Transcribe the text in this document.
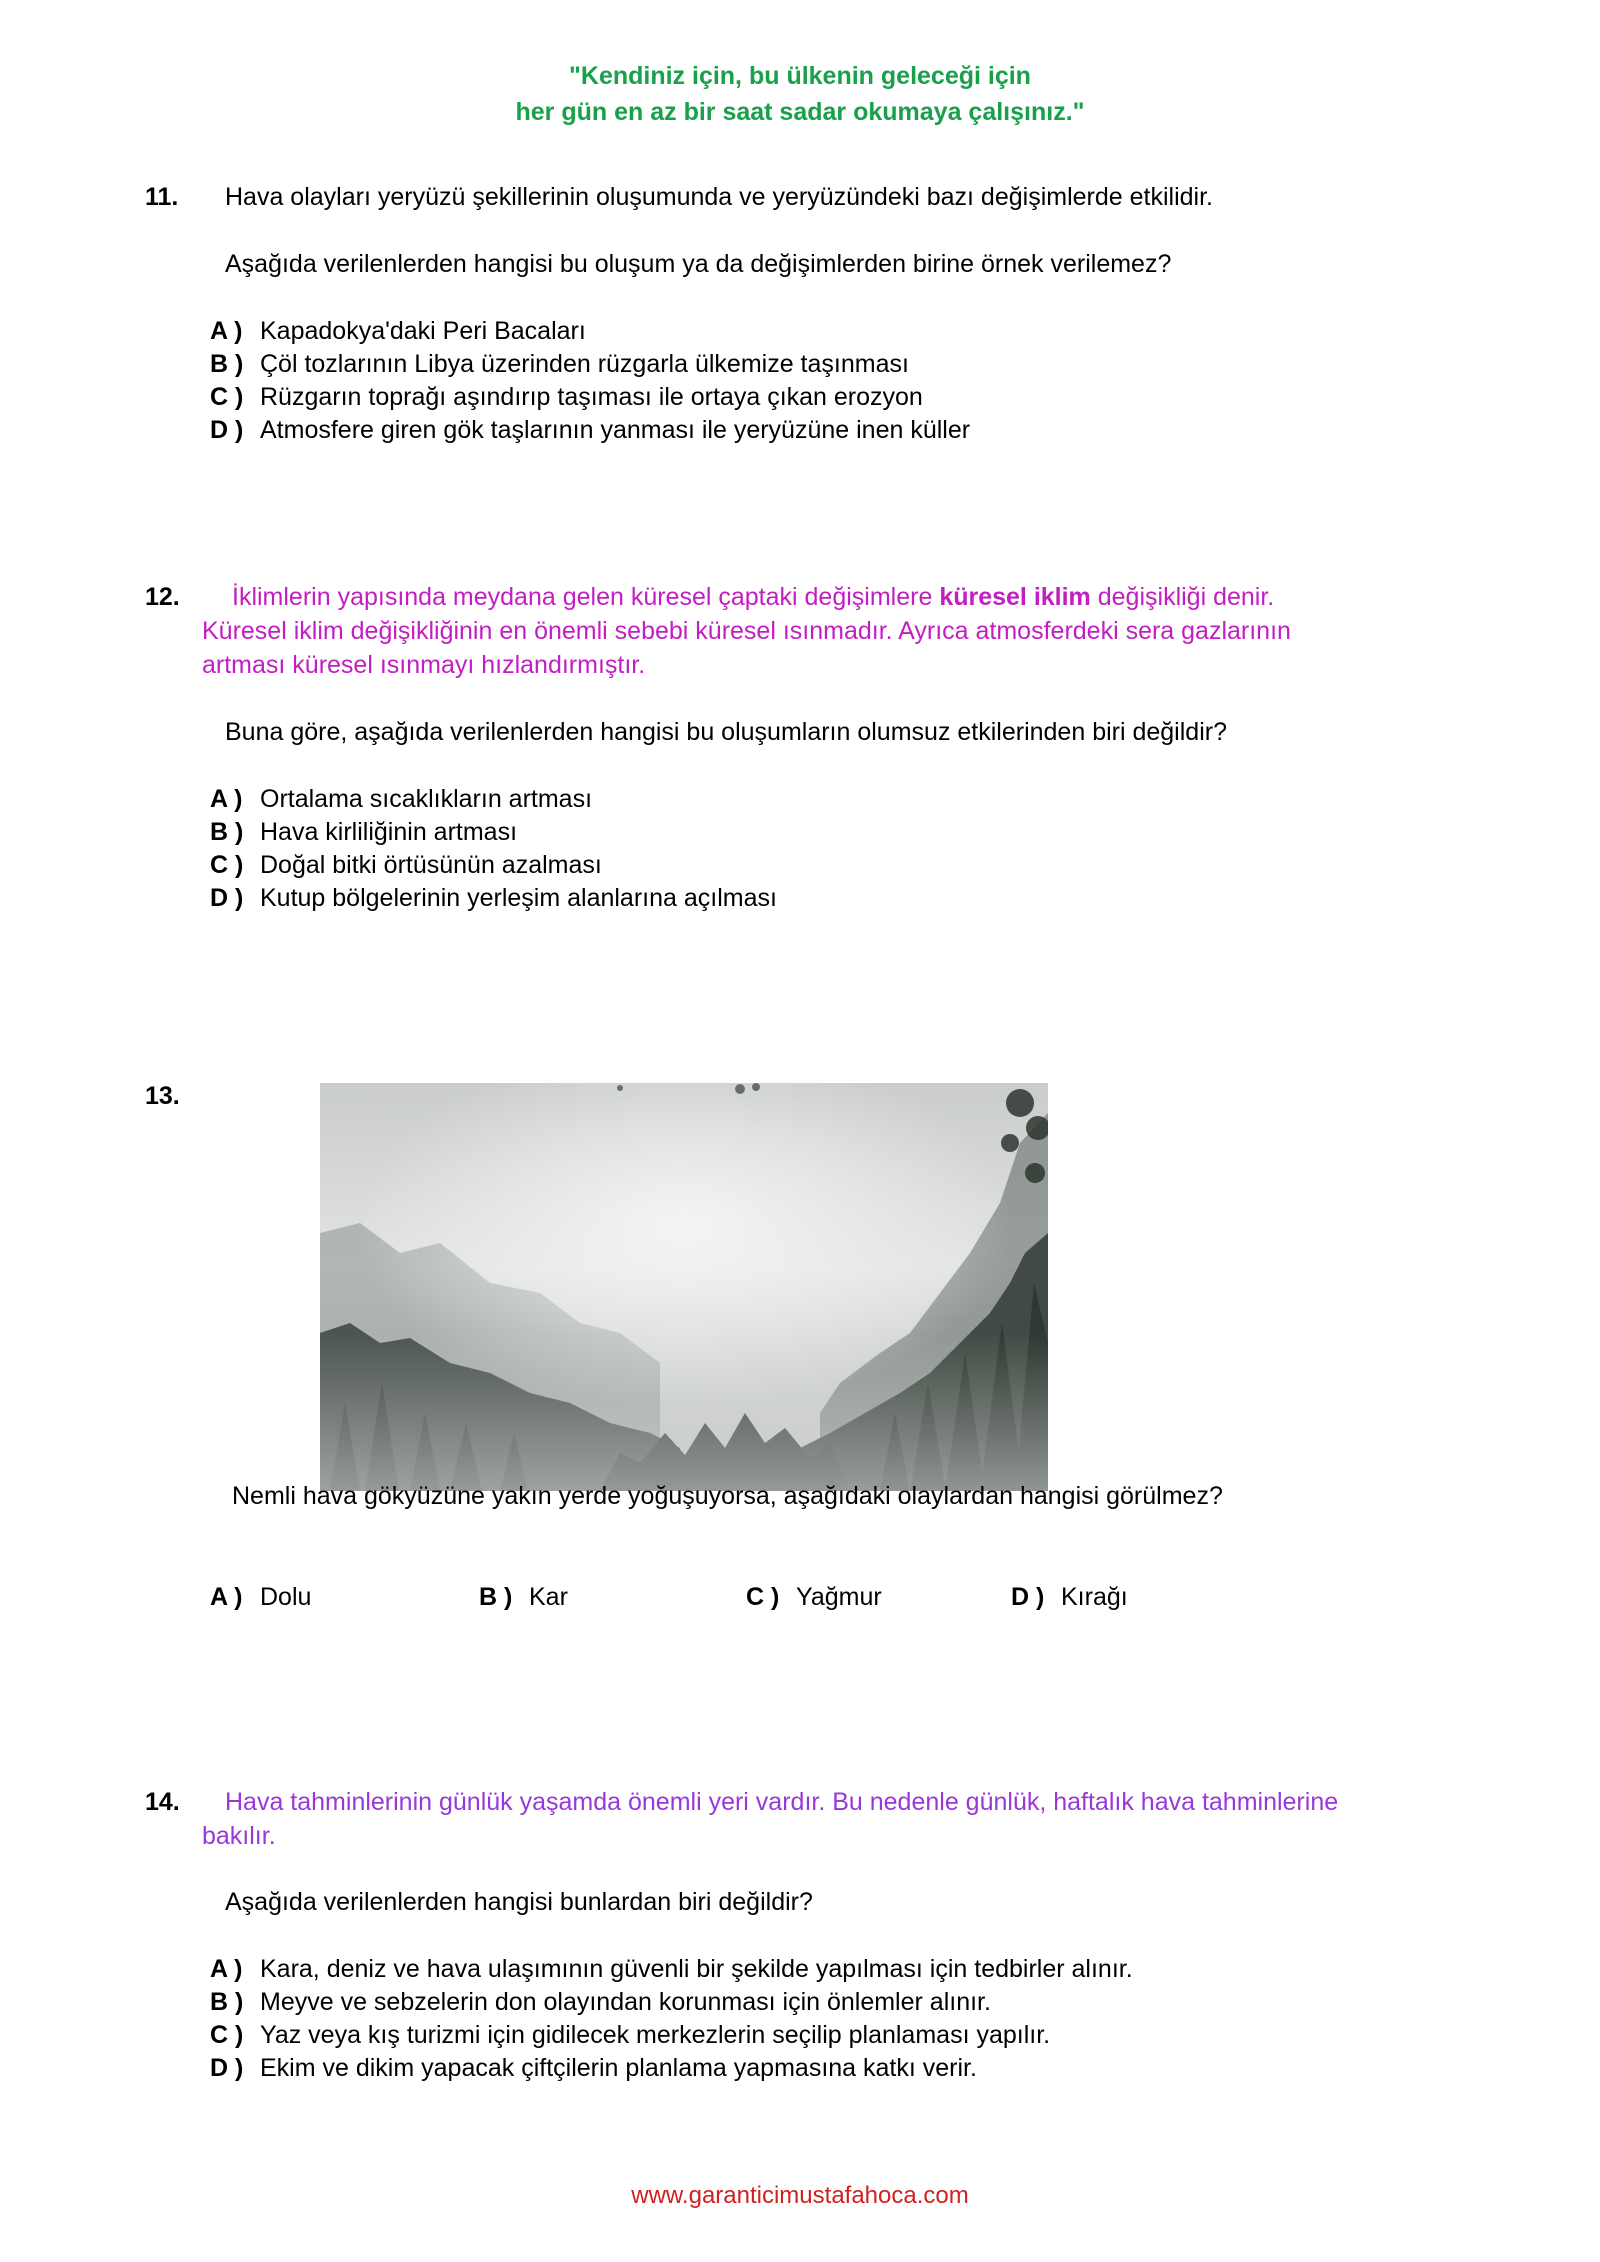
"Kendiniz için, bu ülkenin geleceği için
her gün en az bir saat sadar okumaya çalışınız."
11. Hava olayları yeryüzü şekillerinin oluşumunda ve yeryüzündeki bazı değişimlerde etkilidir.
Aşağıda verilenlerden hangisi bu oluşum ya da değişimlerden birine örnek verilemez?
A ) Kapadokya'daki Peri Bacaları
B ) Çöl tozlarının Libya üzerinden rüzgarla ülkemize taşınması
C ) Rüzgarın toprağı aşındırıp taşıması ile ortaya çıkan erozyon
D ) Atmosfere giren gök taşlarının yanması ile yeryüzüne inen küller
12. İklimlerin yapısında meydana gelen küresel çaptaki değişimlere küresel iklim değişikliği denir.
Küresel iklim değişikliğinin en önemli sebebi küresel ısınmadır. Ayrıca atmosferdeki sera gazlarının
artması küresel ısınmayı hızlandırmıştır.
Buna göre, aşağıda verilenlerden hangisi bu oluşumların olumsuz etkilerinden biri değildir?
A ) Ortalama sıcaklıkların artması
B ) Hava kirliliğinin artması
C ) Doğal bitki örtüsünün azalması
D ) Kutup bölgelerinin yerleşim alanlarına açılması
13.
Nemli hava gökyüzüne yakın yerde yoğuşuyorsa, aşağıdaki olaylardan hangisi görülmez?
A ) Dolu	B ) Kar	C ) Yağmur	D ) Kırağı
14. Hava tahminlerinin günlük yaşamda önemli yeri vardır. Bu nedenle günlük, haftalık hava tahminlerine
bakılır.
Aşağıda verilenlerden hangisi bunlardan biri değildir?
A ) Kara, deniz ve hava ulaşımının güvenli bir şekilde yapılması için tedbirler alınır.
B ) Meyve ve sebzelerin don olayından korunması için önlemler alınır.
C ) Yaz veya kış turizmi için gidilecek merkezlerin seçilip planlaması yapılır.
D ) Ekim ve dikim yapacak çiftçilerin planlama yapmasına katkı verir.
www.garanticimustafahoca.com
